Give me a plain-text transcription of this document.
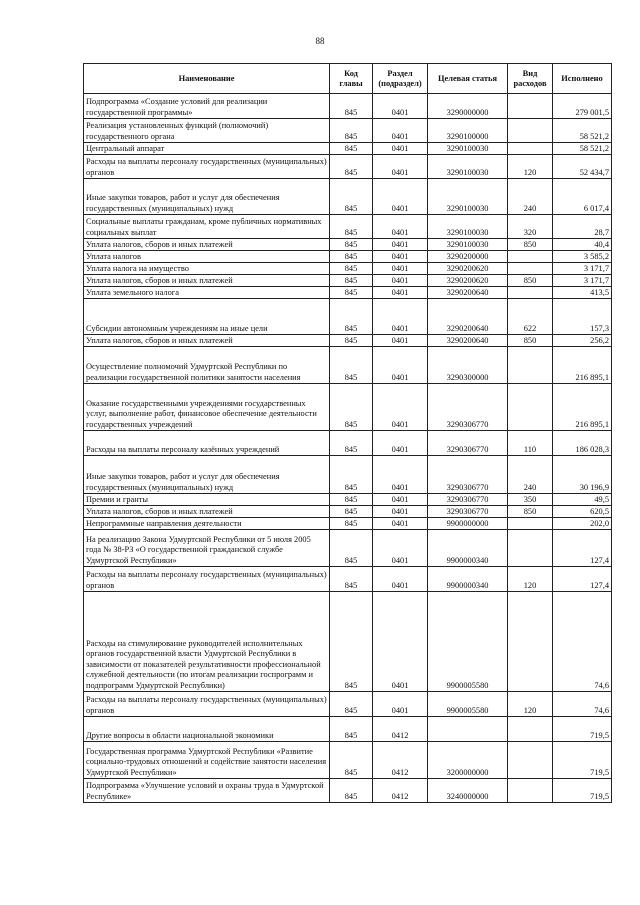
88
Наименование	Код главы	Раздел (подраздел)	Целевая статья	Вид расходов	Исполнено
Подпрограмма «Создание условий для реализации государственной программы»	845	0401	3290000000		279 001,5
Реализация установленных функций (полномочий) государственного органа	845	0401	3290100000		58 521,2
Центральный аппарат	845	0401	3290100030		58 521,2
Расходы на выплаты персоналу государственных (муниципальных) органов	845	0401	3290100030	120	52 434,7
Иные закупки товаров, работ и услуг для обеспечения государственных (муниципальных) нужд	845	0401	3290100030	240	6 017,4
Социальные выплаты гражданам, кроме публичных нормативных социальных выплат	845	0401	3290100030	320	28,7
Уплата налогов, сборов и иных платежей	845	0401	3290100030	850	40,4
Уплата налогов	845	0401	3290200000		3 585,2
Уплата налога на имущество	845	0401	3290200620		3 171,7
Уплата налогов, сборов и иных платежей	845	0401	3290200620	850	3 171,7
Уплата земельного налога	845	0401	3290200640		413,5
Субсидии автономным учреждениям на иные цели	845	0401	3290200640	622	157,3
Уплата налогов, сборов и иных платежей	845	0401	3290200640	850	256,2
Осуществление полномочий Удмуртской Республики по реализации государственной политики занятости населения	845	0401	3290300000		216 895,1
Оказание государственными учреждениями государственных услуг, выполнение работ, финансовое обеспечение деятельности государственных учреждений	845	0401	3290306770		216 895,1
Расходы на выплаты персоналу казённых учреждений	845	0401	3290306770	110	186 028,3
Иные закупки товаров, работ и услуг для обеспечения государственных (муниципальных) нужд	845	0401	3290306770	240	30 196,9
Премии и гранты	845	0401	3290306770	350	49,5
Уплата налогов, сборов и иных платежей	845	0401	3290306770	850	620,5
Непрограммные направления деятельности	845	0401	9900000000		202,0
На реализацию Закона Удмуртской Республики от 5 июля 2005 года № 38-РЗ «О государственной гражданской службе Удмуртской Республики»	845	0401	9900000340		127,4
Расходы на выплаты персоналу государственных (муниципальных) органов	845	0401	9900000340	120	127,4
Расходы на стимулирование руководителей исполнительных органов государственной власти Удмуртской Республики в зависимости от показателей результативности профессиональной служебной деятельности (по итогам реализации госпрограмм и подпрограмм Удмуртской Республики)	845	0401	9900005580		74,6
Расходы на выплаты персоналу государственных (муниципальных) органов	845	0401	9900005580	120	74,6
Другие вопросы в области национальной экономики	845	0412			719,5
Государственная программа Удмуртской Республики «Развитие социально-трудовых отношений и содействие занятости населения Удмуртской Республики»	845	0412	3200000000		719,5
Подпрограмма «Улучшение условий и охраны труда в Удмуртской Республике»	845	0412	3240000000		719,5
